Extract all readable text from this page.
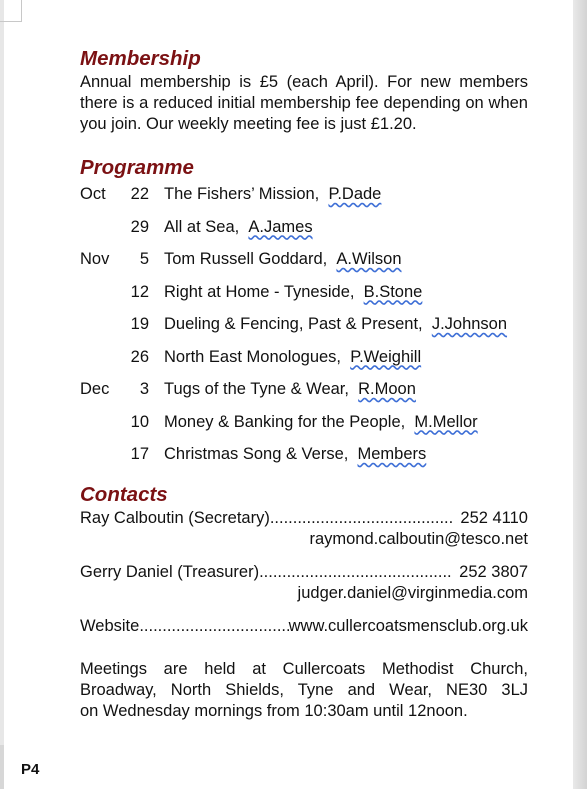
Membership

Annual membership is £5 (each April). For new members there is a reduced initial membership fee depending on when you join. Our weekly meeting fee is just £1.20.

Programme
Oct	22 The Fishers’ Mission, P.Dade
29 All at Sea, A.James
Nov	5 Tom Russell Goddard, A.Wilson
12 Right at Home - Tyneside, B.Stone
19 Dueling & Fencing, Past & Present, J.Johnson
26 North East Monologues, P.Weighill
Dec	3 Tugs of the Tyne & Wear, R.Moon
10 Money & Banking for the People, M.Mellor
17 Christmas Song & Verse, Members
Contacts
Ray Calboutin (Secretary) .....	252 4110
raymond.calboutin@tesco.net
Gerry Daniel (Treasurer) .....	252 3807
judger.daniel@virginmedia.com
Website .....	www.cullercoatsmensclub.org.uk
Meetings are held at Cullercoats Methodist Church,
Broadway, North Shields, Tyne and Wear, NE30 3LJ
on Wednesday mornings from 10:30am until 12noon.
P4
